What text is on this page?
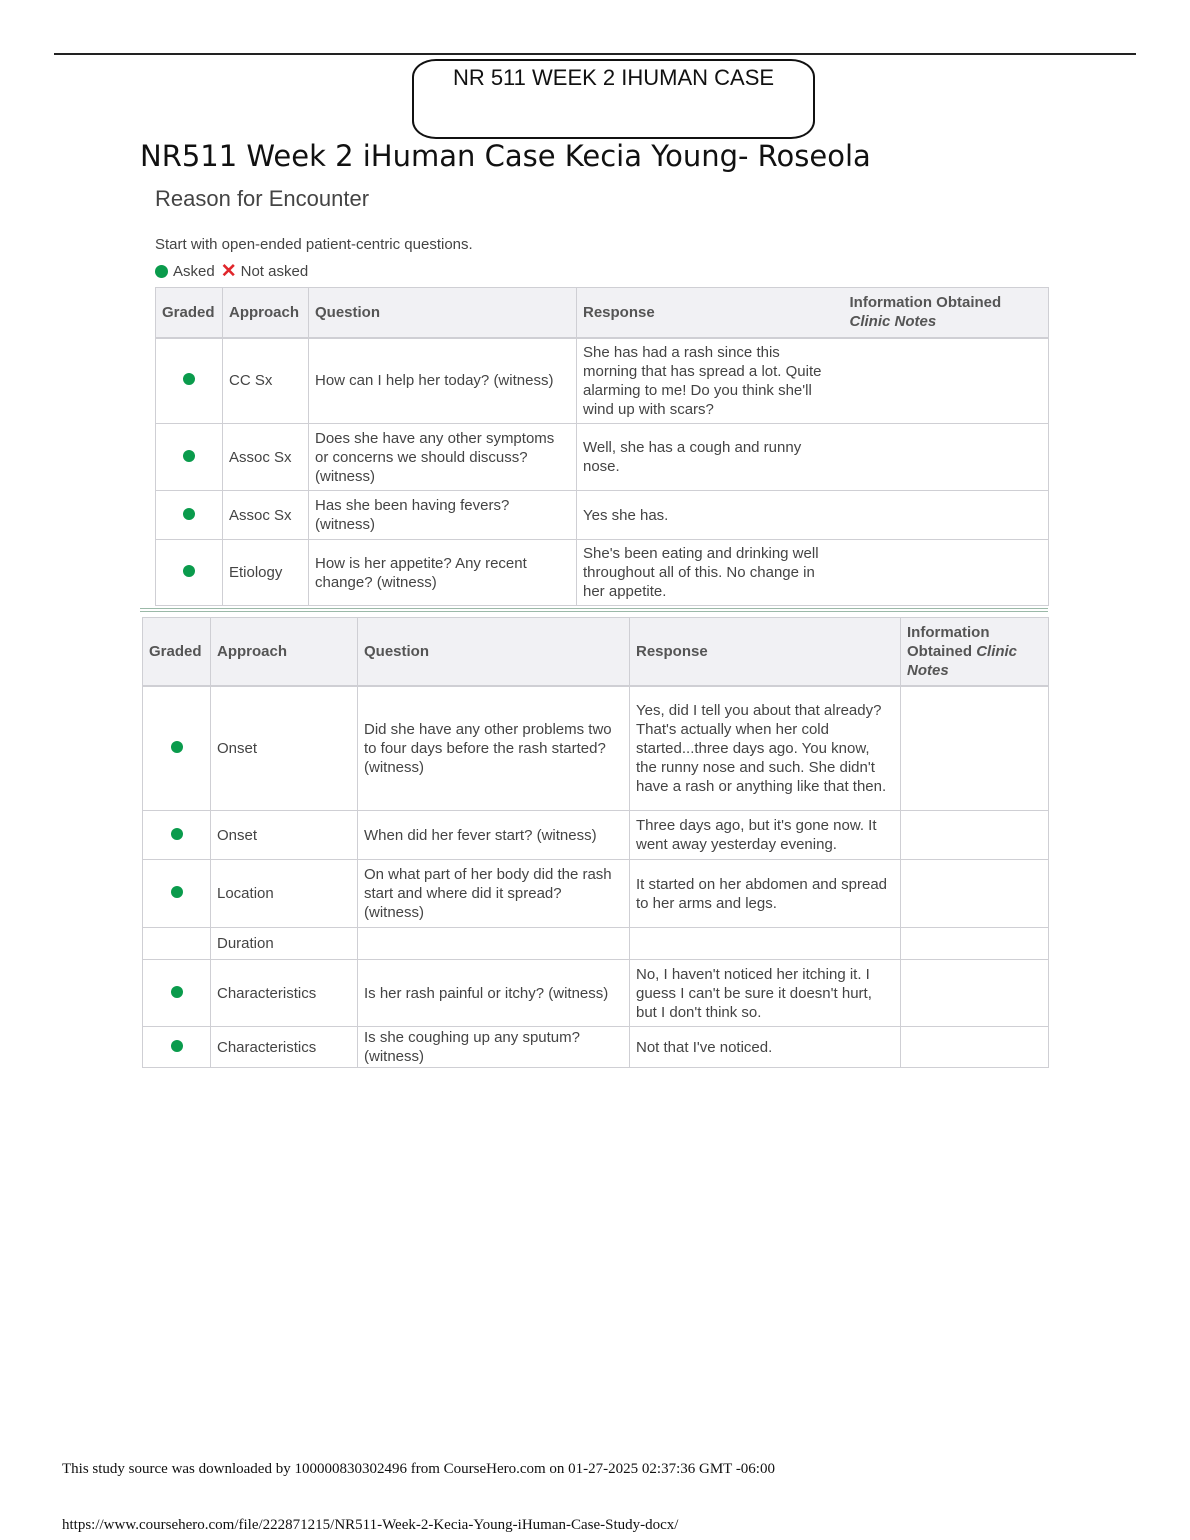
NR 511 WEEK 2 IHUMAN CASE
NR511 Week 2 iHuman Case Kecia Young- Roseola
Reason for Encounter
Start with open-ended patient-centric questions.
Asked ✕ Not asked
Graded	Approach	Question	Response	Information Obtained
Clinic Notes

	CC Sx	How can I help her today? (witness)	She has had a rash since this morning that has spread a lot. Quite alarming to me! Do you think she'll wind up with scars?	
	Assoc Sx	Does she have any other symptoms or concerns we should discuss? (witness)	Well, she has a cough and runny nose.	
	Assoc Sx	Has she been having fevers? (witness)	Yes she has.	
	Etiology	How is her appetite? Any recent change? (witness)	She's been eating and drinking well throughout all of this. No change in her appetite.	
Graded	Approach	Question	Response	Information Obtained Clinic Notes
	Onset	Did she have any other problems two to four days before the rash started? (witness)	Yes, did I tell you about that already? That's actually when her cold started...three days ago. You know, the runny nose and such. She didn't have a rash or anything like that then.	
	Onset	When did her fever start? (witness)	Three days ago, but it's gone now. It went away yesterday evening.	
	Location	On what part of her body did the rash start and where did it spread? (witness)	It started on her abdomen and spread to her arms and legs.	
	Duration			
	Characteristics	Is her rash painful or itchy? (witness)	No, I haven't noticed her itching it. I guess I can't be sure it doesn't hurt, but I don't think so.	
	Characteristics	Is she coughing up any sputum? (witness)	Not that I've noticed.	
This study source was downloaded by 100000830302496 from CourseHero.com on 01-27-2025 02:37:36 GMT -06:00
https://www.coursehero.com/file/222871215/NR511-Week-2-Kecia-Young-iHuman-Case-Study-docx/
